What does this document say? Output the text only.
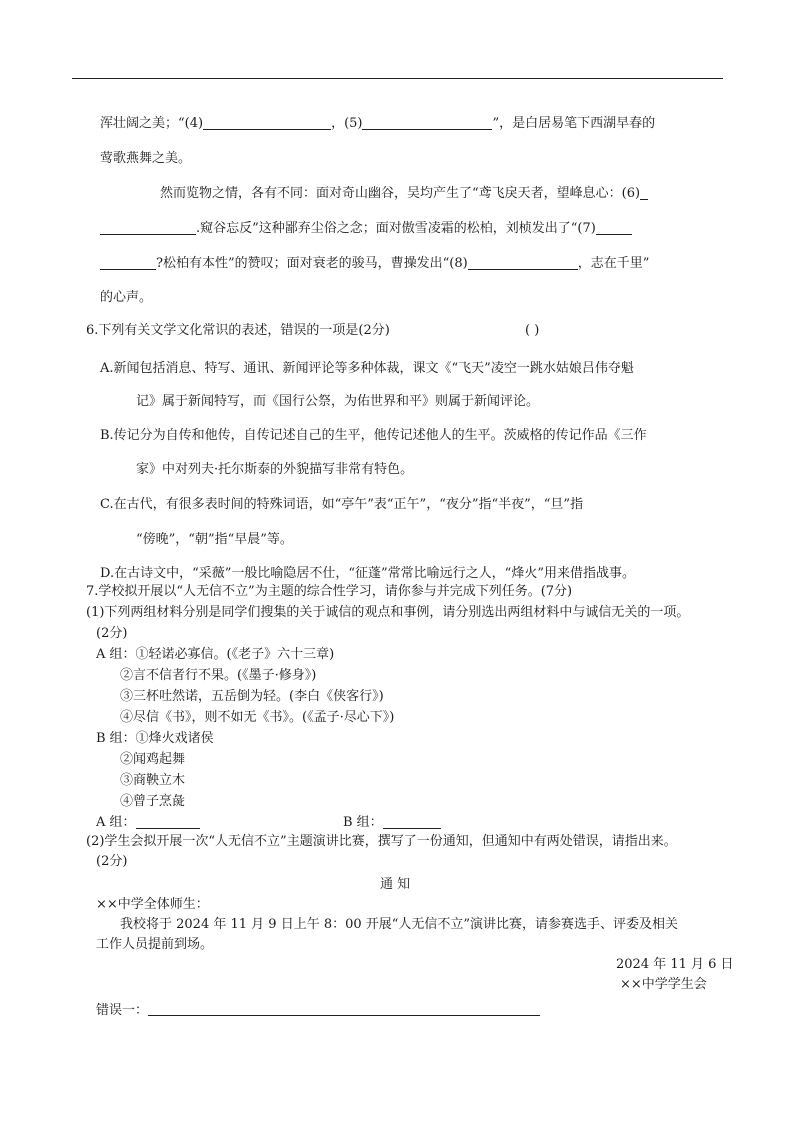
浑壮阔之美；“(4)	，(5)	”，是白居易笔下西湖早春的
莺歌燕舞之美。
然而览物之情，各有不同：面对奇山幽谷，吴均产生了“鸢飞戾天者，望峰息心：(6)
.窥谷忘反”这种鄙弃尘俗之念；面对傲雪凌霜的松柏，刘桢发出了“(7)
?松柏有本性”的赞叹；面对衰老的骏马，曹操发出“(8)	，志在千里”
的心声。
6.下列有关文学文化常识的表述，错误的一项是(2分)	( )
A.新闻包括消息、特写、通讯、新闻评论等多种体裁，课文《“飞天”凌空一跳水姑娘吕伟夺魁
记》属于新闻特写，而《国行公祭，为佑世界和平》则属于新闻评论。
B.传记分为自传和他传，自传记述自己的生平，他传记述他人的生平。茨威格的传记作品《三作
家》中对列夫·托尔斯泰的外貌描写非常有特色。
C.在古代，有很多表时间的特殊词语，如“亭午”表“正午”，“夜分”指“半夜”，“旦”指
“傍晚”，“朝”指“早晨”等。
D.在古诗文中，“采薇”一般比喻隐居不仕，“征蓬”常常比喻远行之人，“烽火”用来借指战事。
7.学校拟开展以“人无信不立”为主题的综合性学习，请你参与并完成下列任务。(7分)
(1)下列两组材料分别是同学们搜集的关于诚信的观点和事例，请分别选出两组材料中与诚信无关的一项。
(2分)
A 组：①轻诺必寡信。(《老子》六十三章)
②言不信者行不果。(《墨子·修身》)
③三杯吐然诺，五岳倒为轻。(李白《侠客行》)
④尽信《书》，则不如无《书》。(《孟子·尽心下》)
B 组：①烽火戏诸侯
②闻鸡起舞
③商鞅立木
④曾子烹彘
A 组：	B 组：
(2)学生会拟开展一次“人无信不立”主题演讲比赛，撰写了一份通知，但通知中有两处错误，请指出来。
(2分)
通 知
××中学全体师生：
我校将于 2024 年 11 月 9 日上午 8：00 开展“人无信不立”演讲比赛，请参赛选手、评委及相关
工作人员提前到场。
2024 年 11 月 6 日
××中学学生会
错误一：
